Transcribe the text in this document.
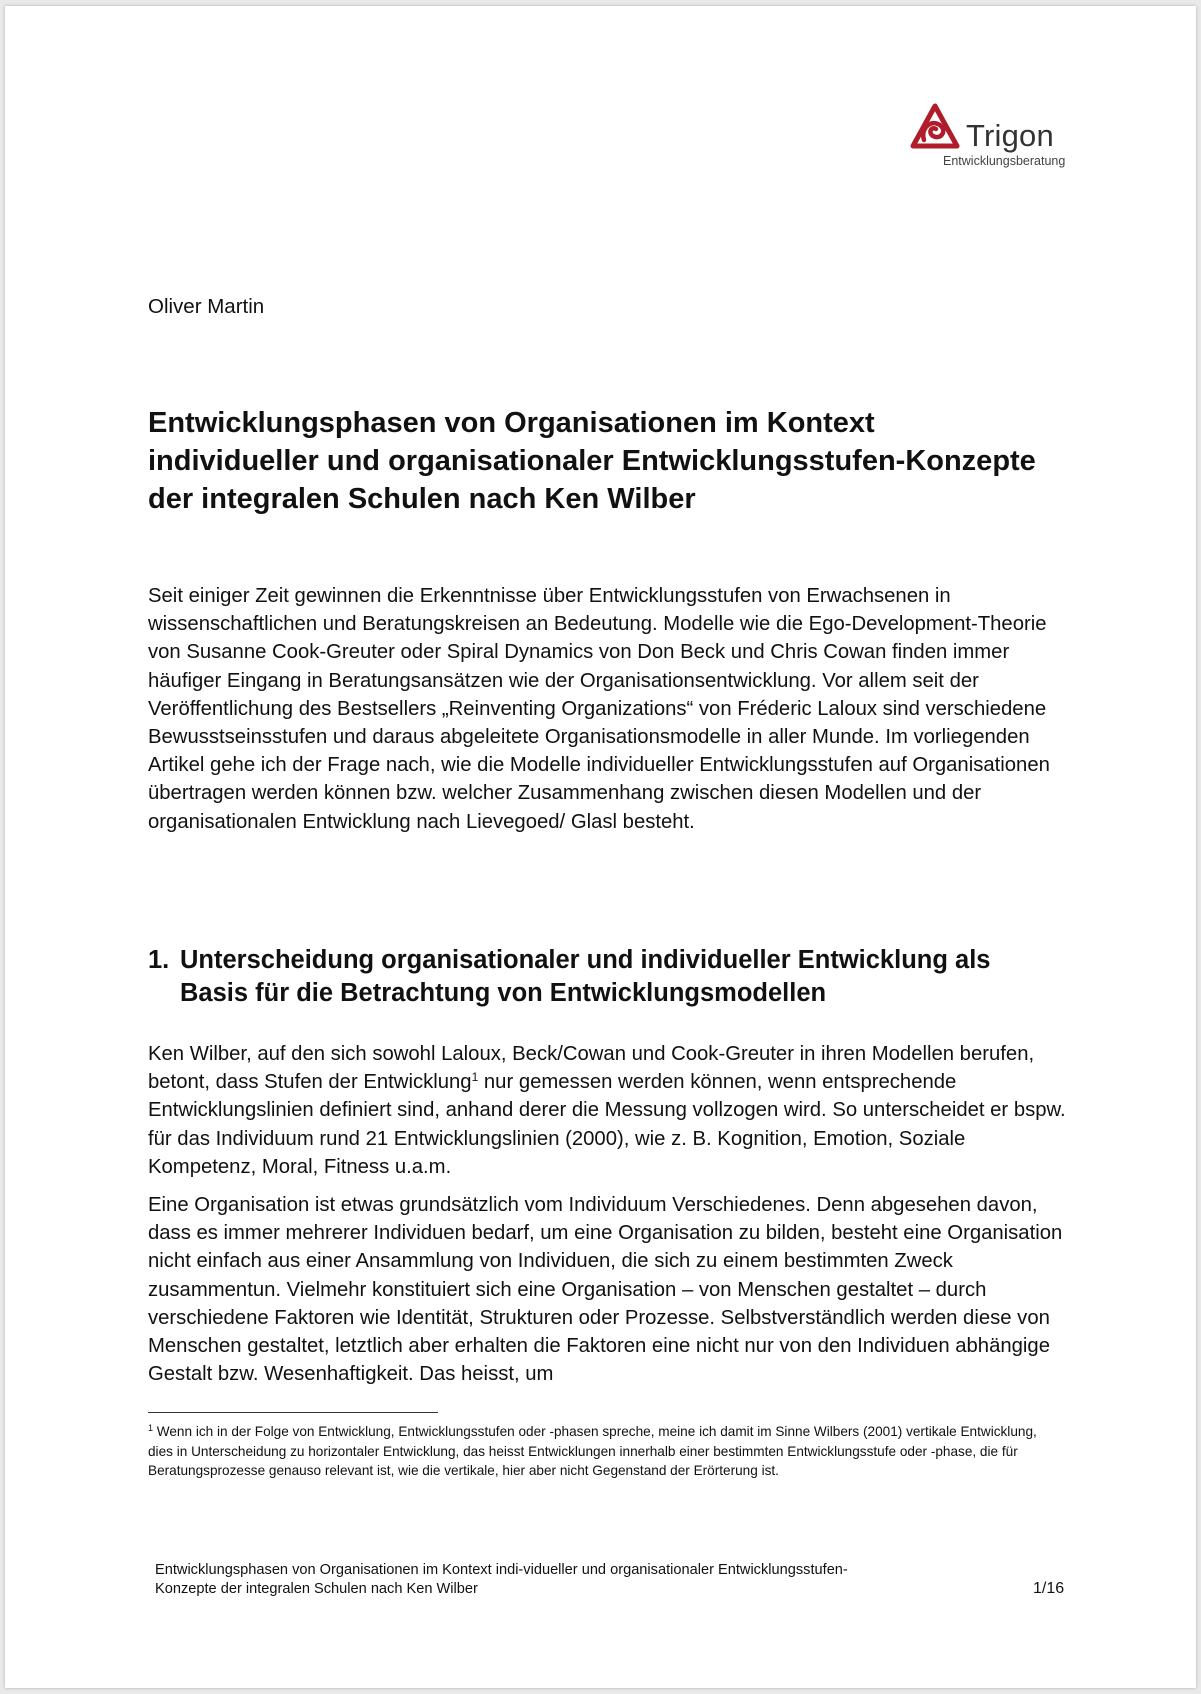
Trigon
Entwicklungsberatung
Oliver Martin
Entwicklungsphasen von Organisationen im Kontext individueller und organisationaler Entwicklungsstufen-Konzepte der integralen Schulen nach Ken Wilber

Seit einiger Zeit gewinnen die Erkenntnisse über Entwicklungsstufen von Erwachsenen in wissenschaftlichen und Beratungskreisen an Bedeutung. Modelle wie die Ego-Development-Theorie von Susanne Cook-Greuter oder Spiral Dynamics von Don Beck und Chris Cowan finden immer häufiger Eingang in Beratungsansätzen wie der Organisationsentwicklung. Vor allem seit der Veröffentlichung des Bestsellers „Reinventing Organizations“ von Fréderic Laloux sind verschiedene Bewusstseinsstufen und daraus abgeleitete Organisationsmodelle in aller Munde. Im vorliegenden Artikel gehe ich der Frage nach, wie die Modelle individueller Entwicklungsstufen auf Organisationen übertragen werden können bzw. welcher Zusammenhang zwischen diesen Modellen und der organisationalen Entwicklung nach Lievegoed/ Glasl besteht.

1. Unterscheidung organisationaler und individueller Entwicklung als Basis für die Betrachtung von Entwicklungsmodellen

Ken Wilber, auf den sich sowohl Laloux, Beck/Cowan und Cook-Greuter in ihren Modellen berufen, betont, dass Stufen der Entwicklung$^1$ nur gemessen werden können, wenn entsprechende Entwicklungslinien definiert sind, anhand derer die Messung vollzogen wird. So unterscheidet er bspw. für das Individuum rund 21 Entwicklungslinien (2000), wie z. B. Kognition, Emotion, Soziale Kompetenz, Moral, Fitness u.a.m.

Eine Organisation ist etwas grundsätzlich vom Individuum Verschiedenes. Denn abgesehen davon, dass es immer mehrerer Individuen bedarf, um eine Organisation zu bilden, besteht eine Organisation nicht einfach aus einer Ansammlung von Individuen, die sich zu einem bestimmten Zweck zusammentun. Vielmehr konstituiert sich eine Organisation – von Menschen gestaltet – durch verschiedene Faktoren wie Identität, Strukturen oder Prozesse. Selbstverständlich werden diese von Menschen gestaltet, letztlich aber erhalten die Faktoren eine nicht nur von den Individuen abhängige Gestalt bzw. Wesenhaftigkeit. Das heisst, um

$^1$ Wenn ich in der Folge von Entwicklung, Entwicklungsstufen oder -phasen spreche, meine ich damit im Sinne Wilbers (2001) vertikale Entwicklung, dies in Unterscheidung zu horizontaler Entwicklung, das heisst Entwicklungen innerhalb einer bestimmten Entwicklungsstufe oder -phase, die für Beratungsprozesse genauso relevant ist, wie die vertikale, hier aber nicht Gegenstand der Erörterung ist.

Entwicklungsphasen von Organisationen im Kontext indi-vidueller und organisationaler Entwicklungsstufen-
Konzepte der integralen Schulen nach Ken Wilber	1/16
